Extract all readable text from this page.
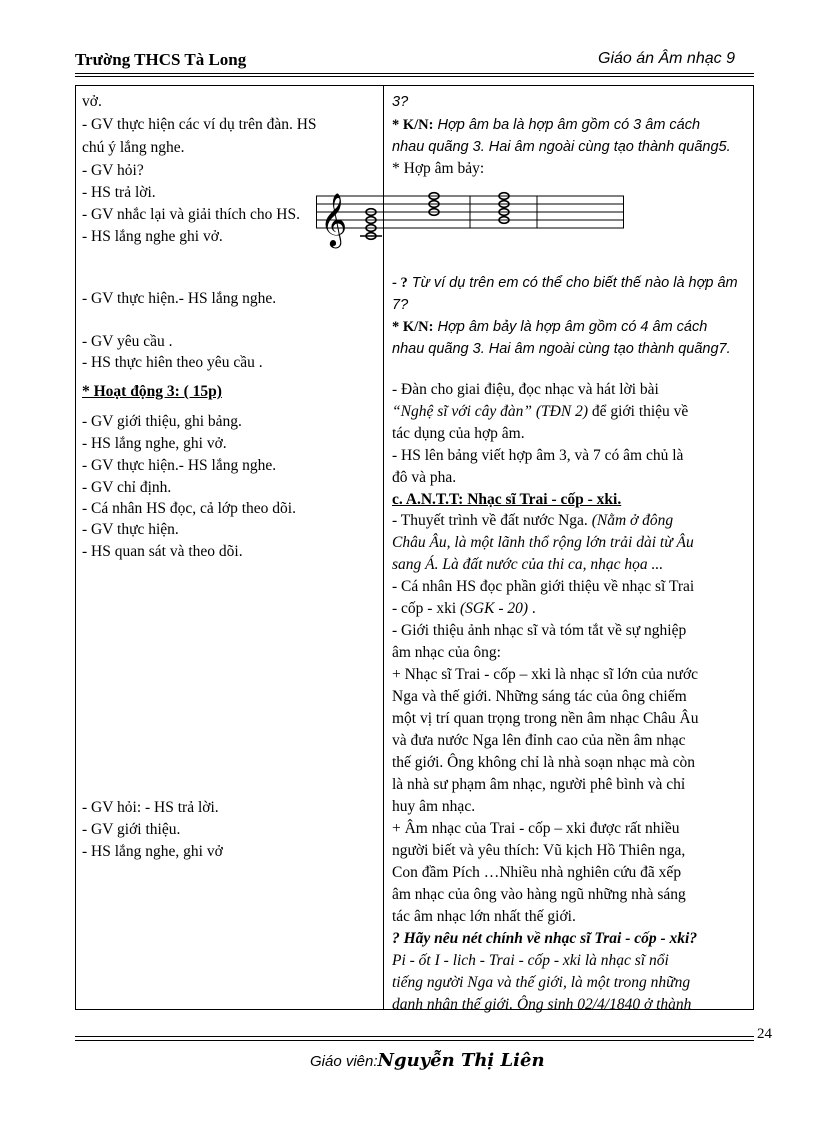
Trường THCS Tà Long	Giáo án Âm nhạc 9
vở.
- GV thực hiện các ví dụ trên đàn. HS
chú ý lắng nghe.
- GV hỏi?
- HS trả lời.
- GV nhắc lại và giải thích cho HS.
- HS lắng nghe ghi vở.
- GV thực hiện.- HS lắng nghe.
- GV yêu cầu .
- HS thực hiên theo yêu cầu .
* Hoạt động 3: ( 15p)
- GV giới thiệu, ghi bảng.
- HS lắng nghe, ghi vở.
- GV thực hiện.- HS lắng nghe.
- GV chỉ định.
- Cá nhân HS đọc, cả lớp theo dõi.
- GV thực hiện.
- HS quan sát và theo dõi.
- GV hỏi: - HS trả lời.
- GV giới thiệu.
- HS lắng nghe, ghi vở
3?
* K/N: Hợp âm ba là hợp âm gồm có 3 âm cách
nhau quãng 3. Hai âm ngoài cùng tạo thành quãng5.
* Hợp âm bảy:
- ? Từ ví dụ trên em có thể cho biết thế nào là hợp âm
7?
* K/N: Hợp âm bảy là hợp âm gồm có 4 âm cách
nhau quãng 3. Hai âm ngoài cùng tạo thành quãng7.
- Đàn cho giai điệu, đọc nhạc và hát lời bài
“Nghệ sĩ với cây đàn” (TĐN 2) để giới thiệu về
tác dụng của hợp âm.
- HS lên bảng viết hợp âm 3, và 7 có âm chủ là
đô và pha.
c. A.N.T.T: Nhạc sĩ Trai - cốp - xki.
- Thuyết trình về đất nước Nga. (Nằm ở đông
Châu Âu, là một lãnh thổ rộng lớn trải dài từ Âu
sang Á. Là đất nước của thi ca, nhạc họa ...
- Cá nhân HS đọc phần giới thiệu về nhạc sĩ Trai
- cốp - xki (SGK - 20) .
- Giới thiệu ảnh nhạc sĩ và tóm tắt về sự nghiệp
âm nhạc của ông:
+ Nhạc sĩ Trai - cốp – xki là nhạc sĩ lớn của nước
Nga và thế giới. Những sáng tác của ông chiếm
một vị trí quan trọng trong nền âm nhạc Châu Âu
và đưa nước Nga lên đỉnh cao của nền âm nhạc
thế giới. Ông không chỉ là nhà soạn nhạc mà còn
là nhà sư phạm âm nhạc, người phê bình và chỉ
huy âm nhạc.
+ Âm nhạc của Trai - cốp – xki được rất nhiều
người biết và yêu thích: Vũ kịch Hồ Thiên nga,
Con đầm Pích …Nhiều nhà nghiên cứu đã xếp
âm nhạc của ông vào hàng ngũ những nhà sáng
tác âm nhạc lớn nhất thế giới.
? Hãy nêu nét chính về nhạc sĩ Trai - cốp - xki?
Pi - ốt I - lich - Trai - cốp - xki là nhạc sĩ nổi
tiếng người Nga và thế giới, là một trong những
danh nhân thế giới. Ông sinh 02/4/1840 ở thành
𝄞
24
Giáo viên:Nguyễn Thị Liên
